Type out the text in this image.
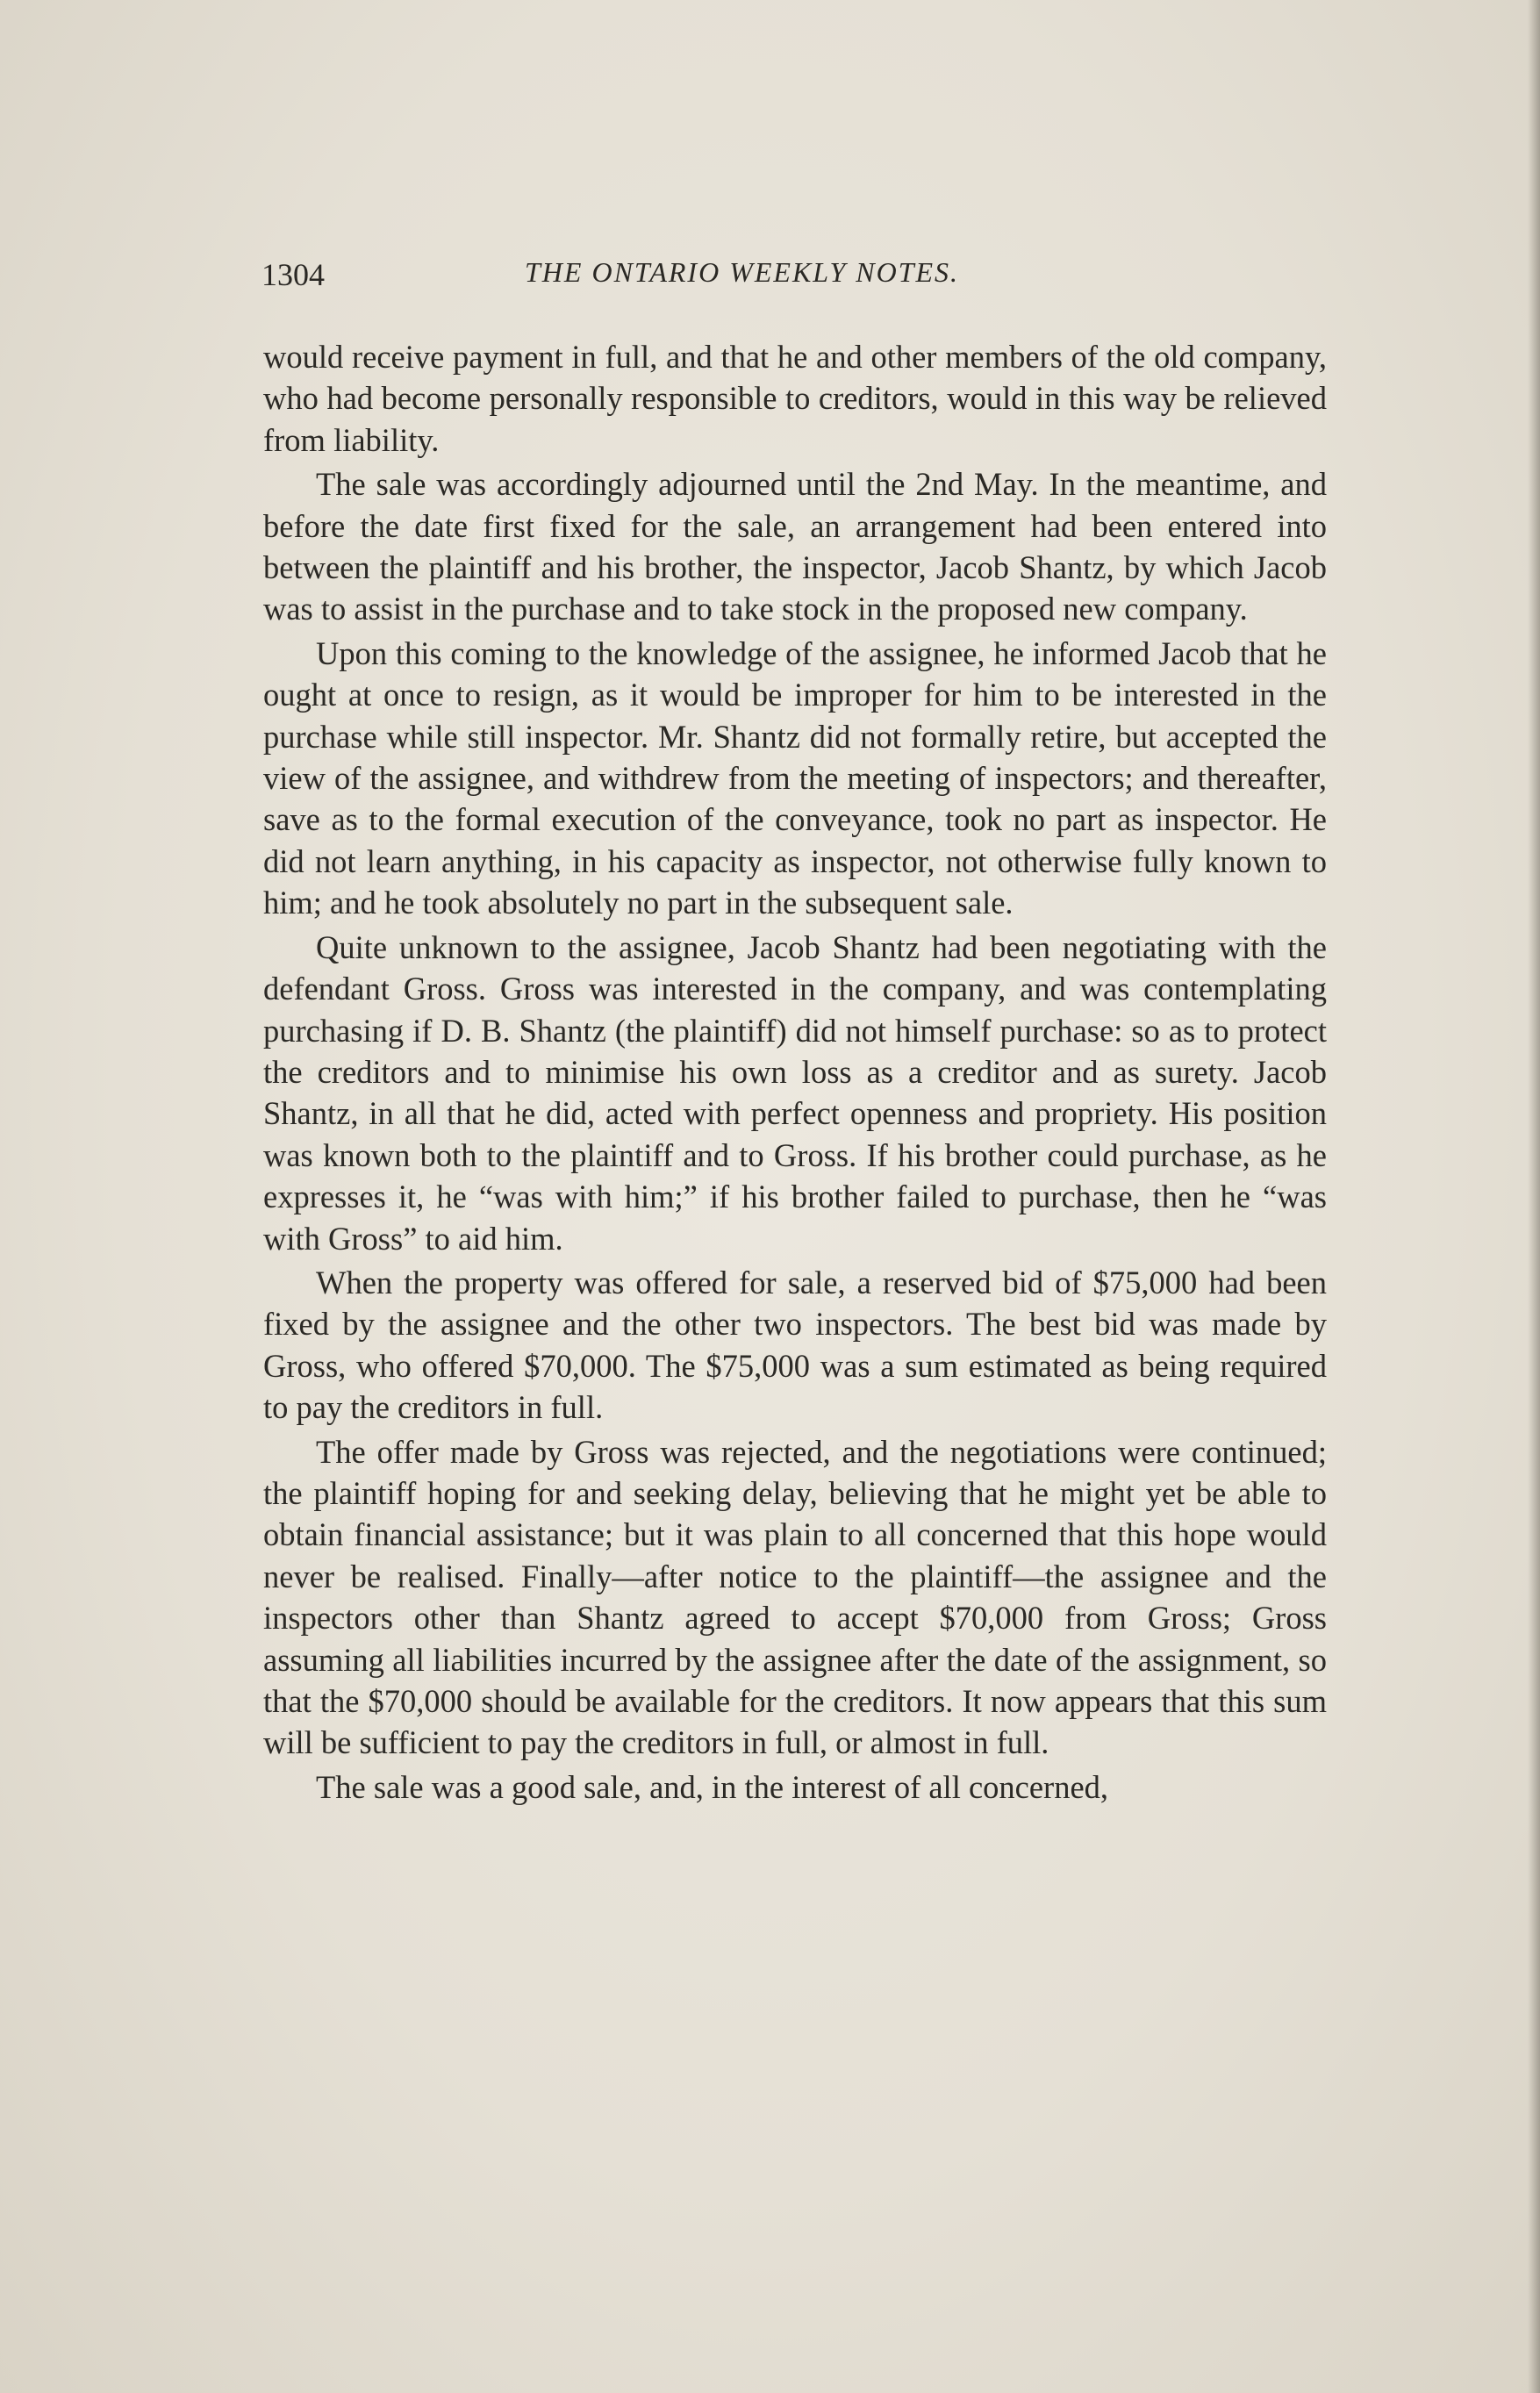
1304	THE ONTARIO WEEKLY NOTES.

would receive payment in full, and that he and other members of the old company, who had become personally responsible to creditors, would in this way be relieved from liability.

The sale was accordingly adjourned until the 2nd May. In the meantime, and before the date first fixed for the sale, an arrangement had been entered into between the plaintiff and his brother, the inspector, Jacob Shantz, by which Jacob was to assist in the purchase and to take stock in the proposed new company.

Upon this coming to the knowledge of the assignee, he informed Jacob that he ought at once to resign, as it would be improper for him to be interested in the purchase while still inspector. Mr. Shantz did not formally retire, but accepted the view of the assignee, and withdrew from the meeting of inspectors; and thereafter, save as to the formal execution of the conveyance, took no part as inspector. He did not learn anything, in his capacity as inspector, not otherwise fully known to him; and he took absolutely no part in the subsequent sale.

Quite unknown to the assignee, Jacob Shantz had been negotiating with the defendant Gross. Gross was interested in the company, and was contemplating purchasing if D. B. Shantz (the plaintiff) did not himself purchase: so as to protect the creditors and to minimise his own loss as a creditor and as surety. Jacob Shantz, in all that he did, acted with perfect openness and propriety. His position was known both to the plaintiff and to Gross. If his brother could purchase, as he expresses it, he “was with him;” if his brother failed to purchase, then he “was with Gross” to aid him.

When the property was offered for sale, a reserved bid of $75,000 had been fixed by the assignee and the other two inspectors. The best bid was made by Gross, who offered $70,000. The $75,000 was a sum estimated as being required to pay the creditors in full.

The offer made by Gross was rejected, and the negotiations were continued; the plaintiff hoping for and seeking delay, believing that he might yet be able to obtain financial assistance; but it was plain to all concerned that this hope would never be realised. Finally—after notice to the plaintiff—the assignee and the inspectors other than Shantz agreed to accept $70,000 from Gross; Gross assuming all liabilities incurred by the assignee after the date of the assignment, so that the $70,000 should be available for the creditors. It now appears that this sum will be sufficient to pay the creditors in full, or almost in full.

The sale was a good sale, and, in the interest of all concerned,
